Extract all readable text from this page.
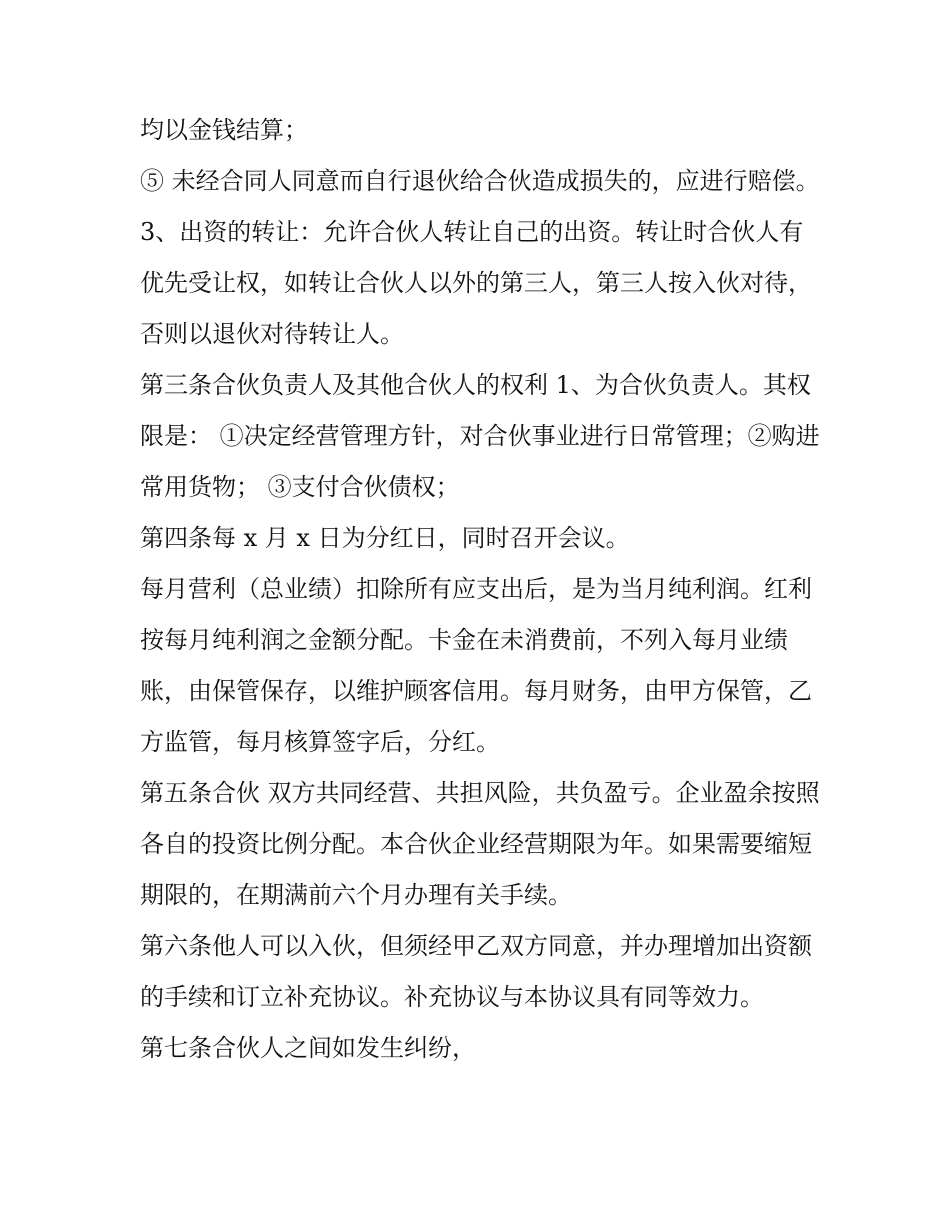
均以金钱结算；

⑤ 未经合同人同意而自行退伙给合伙造成损失的，应进行赔偿。

3、出资的转让：允许合伙人转让自己的出资。转让时合伙人有优先受让权，如转让合伙人以外的第三人，第三人按入伙对待，否则以退伙对待转让人。

第三条合伙负责人及其他合伙人的权利 1、为合伙负责人。其权限是： ①决定经营管理方针，对合伙事业进行日常管理；②购进常用货物； ③支付合伙债权；

第四条每 x 月 x 日为分红日，同时召开会议。

每月营利（总业绩）扣除所有应支出后，是为当月纯利润。红利按每月纯利润之金额分配。卡金在未消费前，不列入每月业绩账，由保管保存，以维护顾客信用。每月财务，由甲方保管，乙方监管，每月核算签字后，分红。

第五条合伙 双方共同经营、共担风险，共负盈亏。企业盈余按照各自的投资比例分配。本合伙企业经营期限为年。如果需要缩短期限的，在期满前六个月办理有关手续。

第六条他人可以入伙，但须经甲乙双方同意，并办理增加出资额的手续和订立补充协议。补充协议与本协议具有同等效力。

第七条合伙人之间如发生纠纷，
